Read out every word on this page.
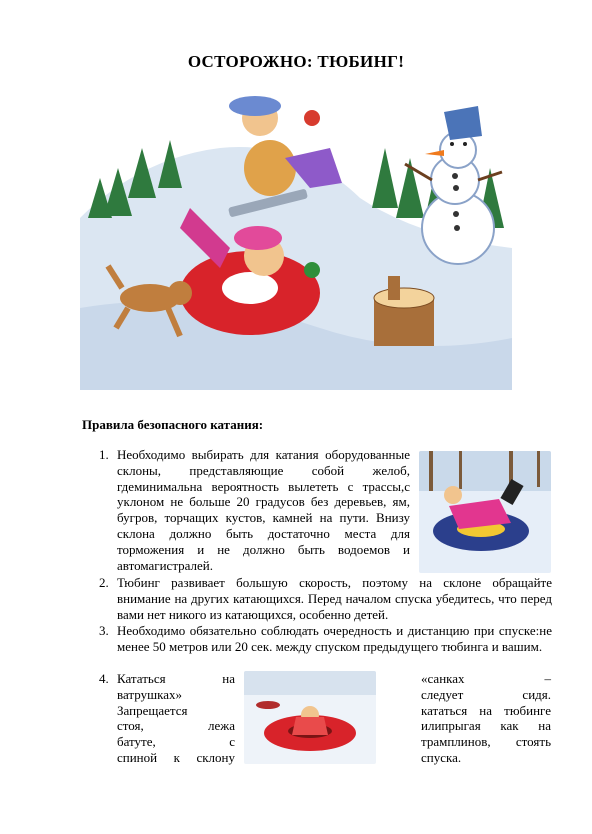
ОСТОРОЖНО: ТЮБИНГ!
Правила безопасного катания:
1. Необходимо выбирать для катания оборудованные склоны, представляющие собой желоб, гдеминимальна вероятность вылететь с трассы,с уклоном не больше 20 градусов без деревьев, ям, бугров, торчащих кустов, камней на пути. Внизу склона должно быть достаточно места для торможения и не должно быть водоемов и автомагистралей.
2. Тюбинг развивает большую скорость, поэтому на склоне обращайте внимание на других катающихся. Перед началом спуска убедитесь, что перед вами нет никого из катающихся, особенно детей.
3. Необходимо обязательно соблюдать очередность и дистанцию при спуске:не менее 50 метров или 20 сек. между спуском предыдущего тюбинга и вашим.
4. Кататься	на
ватрушках»
Запрещается
стоя,	лежа
батуте,	с
спиной к склону
«санках	–
следует	сидя.
кататься на тюбинге
илипрыгая как на
трамплинов, стоять
спуска.
